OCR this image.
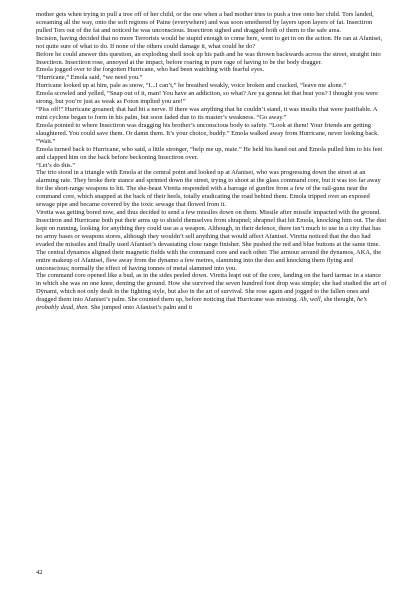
mother gets when trying to pull a tree off of her child, or the one when a bad mother tries to push a tree onto her child. Tors landed, screaming all the way, onto the soft regions of Paine (everywhere) and was soon smothered by layers upon layers of fat. Insectiron pulled Tors out of the fat and noticed he was unconscious. Insectiron sighed and dragged both of them to the safe area.

Incision, having decided that no more Terrorists would be stupid enough to come here, went to get in on the action. He ran at Afanisei, not quite sure of what to do. If none of the others could damage it, what could he do?

Before he could answer this question, an exploding shell took up his path and he was thrown backwards across the street, straight into Insectiron. Insectiron rose, annoyed at the impact, before roaring in pure rage of having to be the body dragger.

Emola jogged over to the forgotten Hurricane, who had been watching with fearful eyes.

“Hurricane,” Emola said, “we need you.”

Hurricane looked up at him, pale as snow, “I...I can’t,” he breathed weakly, voice broken and cracked, “leave me alone.”

Emola scowled and yelled, “Snap out of it, man! You have an addiction, so what? Are ya gonna let that beat you? I thought you were strong, but you’re just as weak as Foton implied you are!”

“Piss off!” Hurricane groaned; that had hit a nerve. If there was anything that he couldn’t stand, it was insults that were justifiable. A mini cyclone began to form in his palm, but soon faded due to its master’s weakness. “Go away.”

Emola pointed to where Insectiron was dragging his brother’s unconscious body to safety. “Look at them! Your friends are getting slaughtered. You could save them. Or damn them. It’s your choice, buddy.” Emola walked away from Hurricane, never looking back.

“Wait.”

Emola turned back to Hurricane, who said, a little stronger, “help me up, mate.” He held his hand out and Emola pulled him to his feet and clapped him on the back before beckoning Insectiron over.

“Let’s do this.”

The trio stood in a triangle with Emola at the central point and looked up at Afanisei, who was progressing down the street at an alarming rate. They broke their stance and sprinted down the street, trying to shoot at the glass command core, but it was too far away for the short-range weapons to hit. The she-beast Viretta responded with a barrage of gunfire from a few of the rail-guns near the command core, which snapped at the back of their heels, totally eradicating the road behind them. Emola tripped over an exposed sewage pipe and became covered by the toxic sewage that flowed from it.

Viretta was getting bored now, and thus decided to send a few missiles down on them. Missile after missile impacted with the ground. Insectiron and Hurricane both put their arms up to shield themselves from shrapnel; shrapnel that hit Emola, knocking him out. The duo kept on running, looking for anything they could use as a weapon. Although, in their defence, there isn’t much to use in a city that has no army bases or weapons stores, although they wouldn’t sell anything that would affect Afanisei. Viretta noticed that the duo had evaded the missiles and finally used Afanisei’s devastating close range finisher. She pushed the red and blue buttons at the same time. The central dynamos aligned their magnetic fields with the command core and each other. The armour around the dynamos, AKA, the entire makeup of Afanisei, flew away from the dynamo a few metres, slamming into the duo and knocking them flying and unconscious; normally the effect of having tonnes of metal slammed into you.

The command core opened like a bud, as in the sides peeled down. Viretta leapt out of the core, landing on the hard tarmac in a stance in which she was on one knee, denting the ground. How she survived the seven hundred foot drop was simple; she had studied the art of Dÿnami, which not only dealt in the fighting style, but also in the art of survival. She rose again and jogged to the fallen ones and dragged them into Afanisei’s palm. She counted them up, before noticing that Hurricane was missing. Ah, well, she thought, he’s probably dead, then. She jumped onto Afanisei’s palm and it

42
